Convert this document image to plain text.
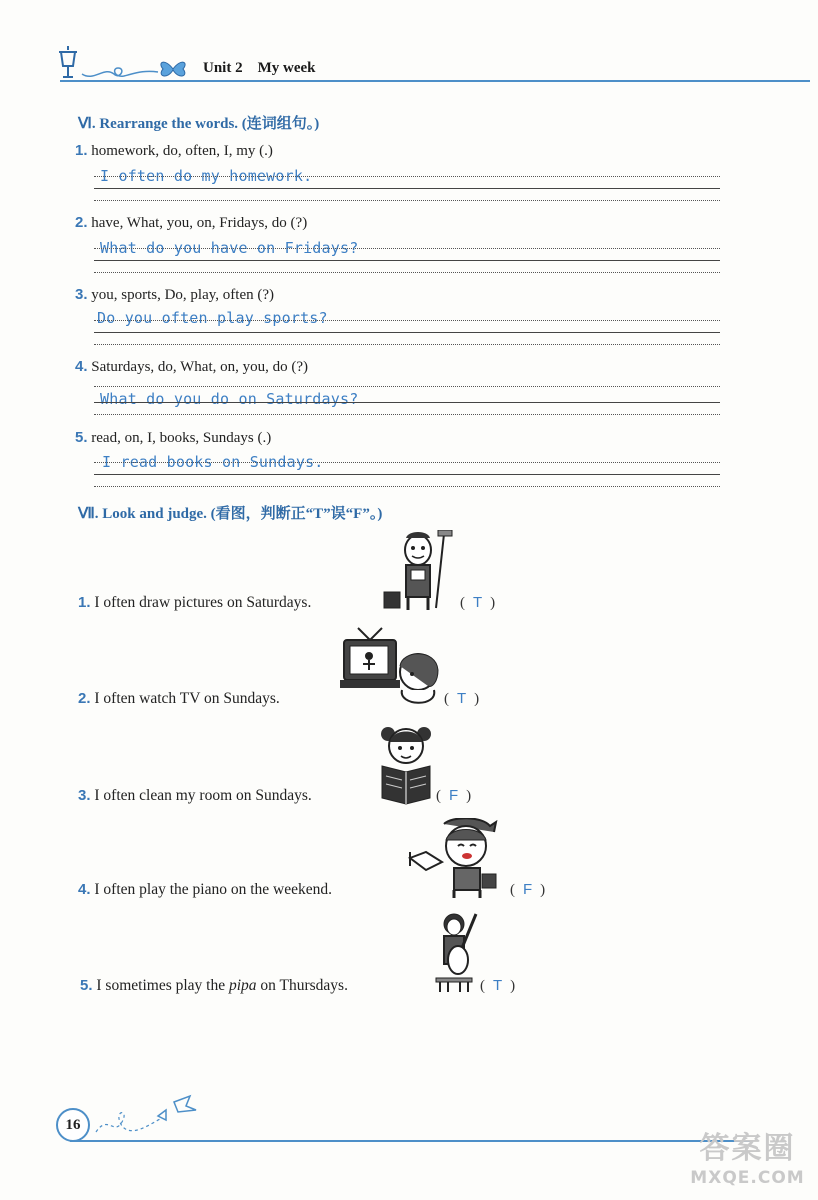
Unit 2    My week
Ⅵ. Rearrange the words. (连词组句。)
1. homework, do, often, I, my (.)
I often do my homework.
2. have, What, you, on, Fridays, do (?)
What do you have on Fridays?
3. you, sports, Do, play, often (?)
Do you often play sports?
4. Saturdays, do, What, on, you, do (?)
What do you do on Saturdays?
5. read, on, I, books, Sundays (.)
I read books on Sundays.
Ⅶ. Look and judge. (看图，判断正“T”误“F”。)
1. I often draw pictures on Saturdays.	( T )
2. I often watch TV on Sundays.	( T )
3. I often clean my room on Sundays.	( F )
4. I often play the piano on the weekend.	( F )
5. I sometimes play the pipa on Thursdays.	( T )
16
答案圈
MXQE.COM
